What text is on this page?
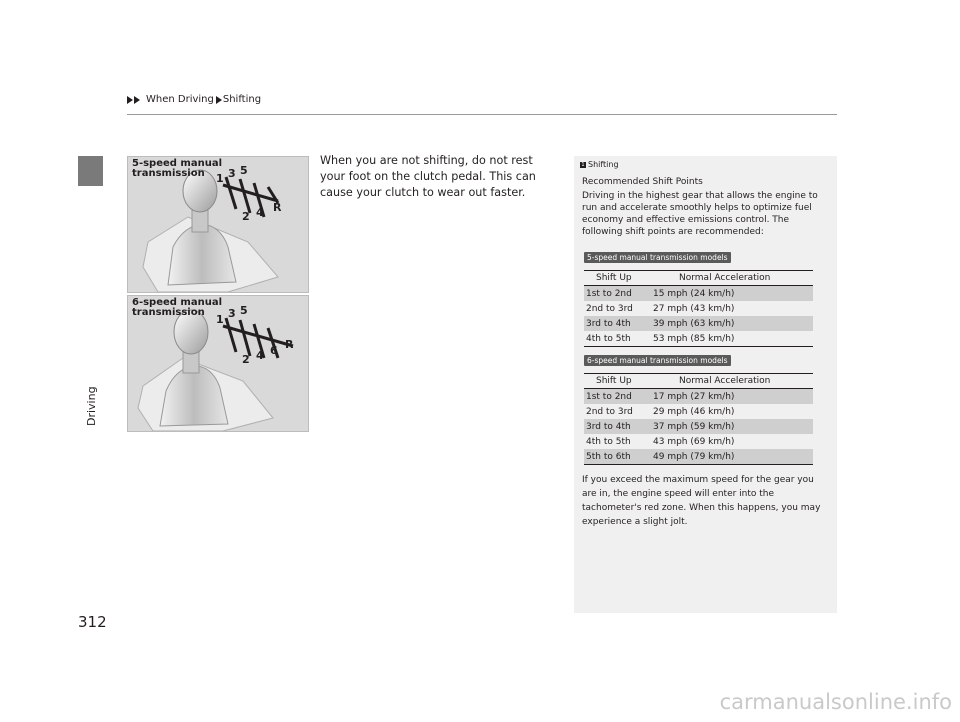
When Driving Shifting
Driving
1 3 5
2 4 R
5-speed manual transmission
1 3 5
2 4 6 R
6-speed manual transmission
When you are not shifting, do not rest your foot on the clutch pedal. This can cause your clutch to wear out faster.
1 Shifting
Recommended Shift Points
Driving in the highest gear that allows the engine to run and accelerate smoothly helps to optimize fuel economy and effective emissions control. The following shift points are recommended:
5-speed manual transmission models
Shift Up	Normal Acceleration
1st to 2nd	15 mph (24 km/h)
2nd to 3rd	27 mph (43 km/h)
3rd to 4th	39 mph (63 km/h)
4th to 5th	53 mph (85 km/h)
6-speed manual transmission models
Shift Up	Normal Acceleration
1st to 2nd	17 mph (27 km/h)
2nd to 3rd	29 mph (46 km/h)
3rd to 4th	37 mph (59 km/h)
4th to 5th	43 mph (69 km/h)
5th to 6th	49 mph (79 km/h)
If you exceed the maximum speed for the gear you are in, the engine speed will enter into the tachometer's red zone. When this happens, you may experience a slight jolt.
312
carmanualsonline.info
